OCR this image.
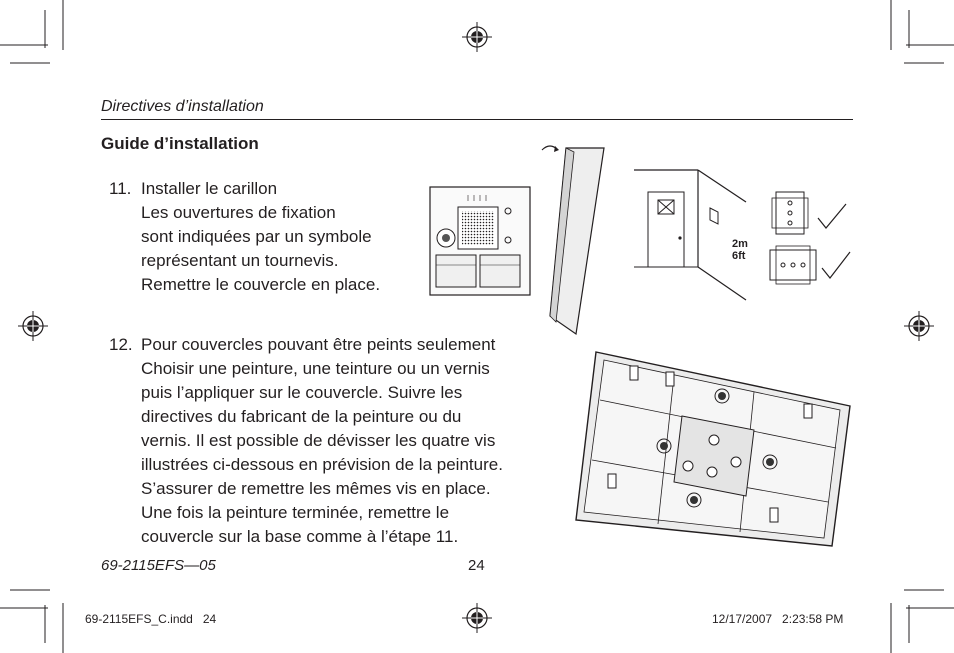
Directives d’installation
Guide d’installation
11. Installer le carillon
Les ouvertures de fixation
sont indiquées par un symbole
représentant un tournevis.
Remettre le couvercle en place.
12. Pour couvercles pouvant être peints seulement
Choisir une peinture, une teinture ou un vernis
puis l’appliquer sur le couvercle. Suivre les
directives du fabricant de la peinture ou du
vernis. Il est possible de dévisser les quatre vis
illustrées ci-dessous en prévision de la peinture.
S’assurer de remettre les mêmes vis en place.
Une fois la peinture terminée, remettre le
couvercle sur la base comme à l’étape 11.
2m
6ft
69-2115EFS—05	24
69-2115EFS_C.indd   24	12/17/2007   2:23:58 PM
